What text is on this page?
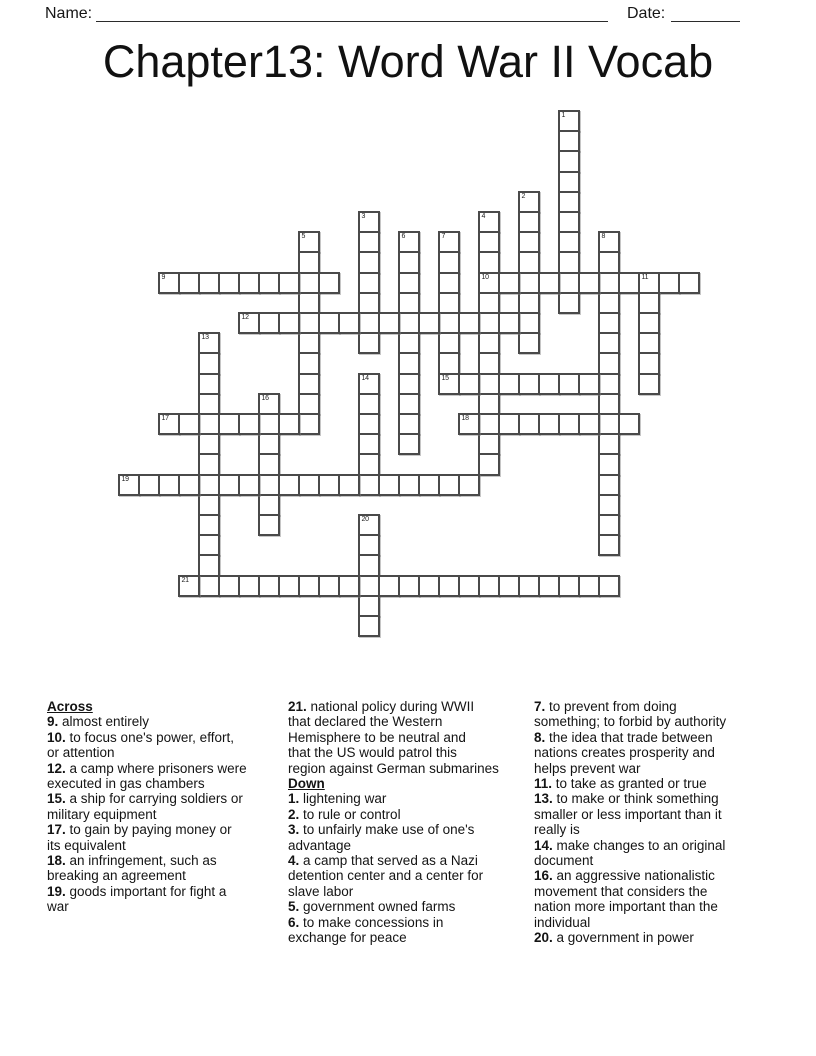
Name:	Date:
Chapter13: Word War II Vocab
1
2
3	4
10
5	6	7
15
8
9	11
12
13
14
16
17	18
19
20
21
Across
9. almost entirely
10. to focus one's power, effort,
or attention
12. a camp where prisoners were
executed in gas chambers
15. a ship for carrying soldiers or
military equipment
17. to gain by paying money or
its equivalent
18. an infringement, such as
breaking an agreement
19. goods important for fight a
war
21. national policy during WWII
that declared the Western
Hemisphere to be neutral and
that the US would patrol this
region against German submarines
Down
1. lightening war
2. to rule or control
3. to unfairly make use of one's
advantage
4. a camp that served as a Nazi
detention center and a center for
slave labor
5. government owned farms
6. to make concessions in
exchange for peace
7. to prevent from doing
something; to forbid by authority
8. the idea that trade between
nations creates prosperity and
helps prevent war
11. to take as granted or true
13. to make or think something
smaller or less important than it
really is
14. make changes to an original
document
16. an aggressive nationalistic
movement that considers the
nation more important than the
individual
20. a government in power
